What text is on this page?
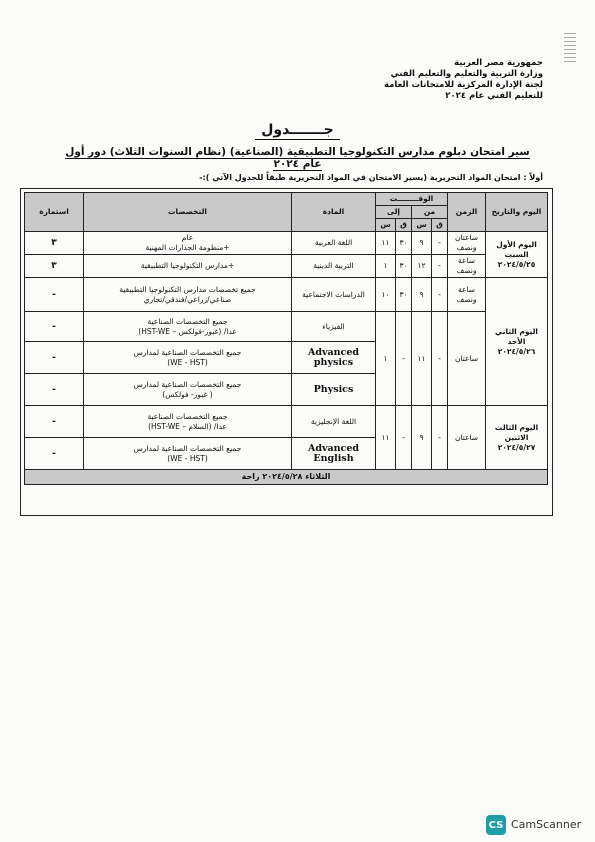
جمهورية مصر العربية
وزارة التربية والتعليم والتعليم الفني
لجنة الإدارة المركزية للامتحانات العامة
للتعليم الفني عام ٢٠٢٤
جـــــــدول
سير امتحان دبلوم مدارس التكنولوجيا التطبيقية (الصناعية) (نظام السنوات الثلاث) دور أول عام ٢٠٢٤
أولاً : امتحان المواد التحريرية (يسير الامتحان في المواد التحريرية طبقاً للجدول الآتي ):-
اليوم والتاريخ	الزمن	الوقــــــــت				المادة	التخصصات	استمارة
		من		إلى				
		ق	س	ق	س			
اليوم الأول السبت ٢٠٢٤/٥/٢٥	ساعتان ونصف	-	٩	٣٠	١١	اللغة العربية	عام
+منظومة الجدارات المهنية	٣
	ساعة ونصف	-	١٢	٣٠	١	التربية الدينية	+مدارس التكنولوجيا التطبيقية	٣
اليوم الثاني الأحد ٢٠٢٤/٥/٢٦	ساعة ونصف	-	٩	٣٠	١٠	الدراسات الاجتماعية	جميع تخصصات مدارس التكنولوجيا التطبيقية
صناعي/زراعي/فندقي/تجاري	-
	ساعتان	-	١١	-	١	الفيزياء	جميع التخصصات الصناعية
عدا/ (غبور-فولكس – HST-WE)	-
						Advanced physics	جميع التخصصات الصناعية لمدارس
(WE - HST)	-
						Physics	جميع التخصصات الصناعية لمدارس
( غبور- فولكس)	-
اليوم الثالث الاثنين ٢٠٢٤/٥/٢٧	ساعتان	-	٩	-	١١	اللغة الإنجليزية	جميع التخصصات الصناعية
عدا/ (السلام – HST-WE)	-
						Advanced English	جميع التخصصات الصناعية لمدارس
(WE - HST)	-
الثلاثاء ٢٠٢٤/٥/٢٨ راحة								
CS CamScanner
